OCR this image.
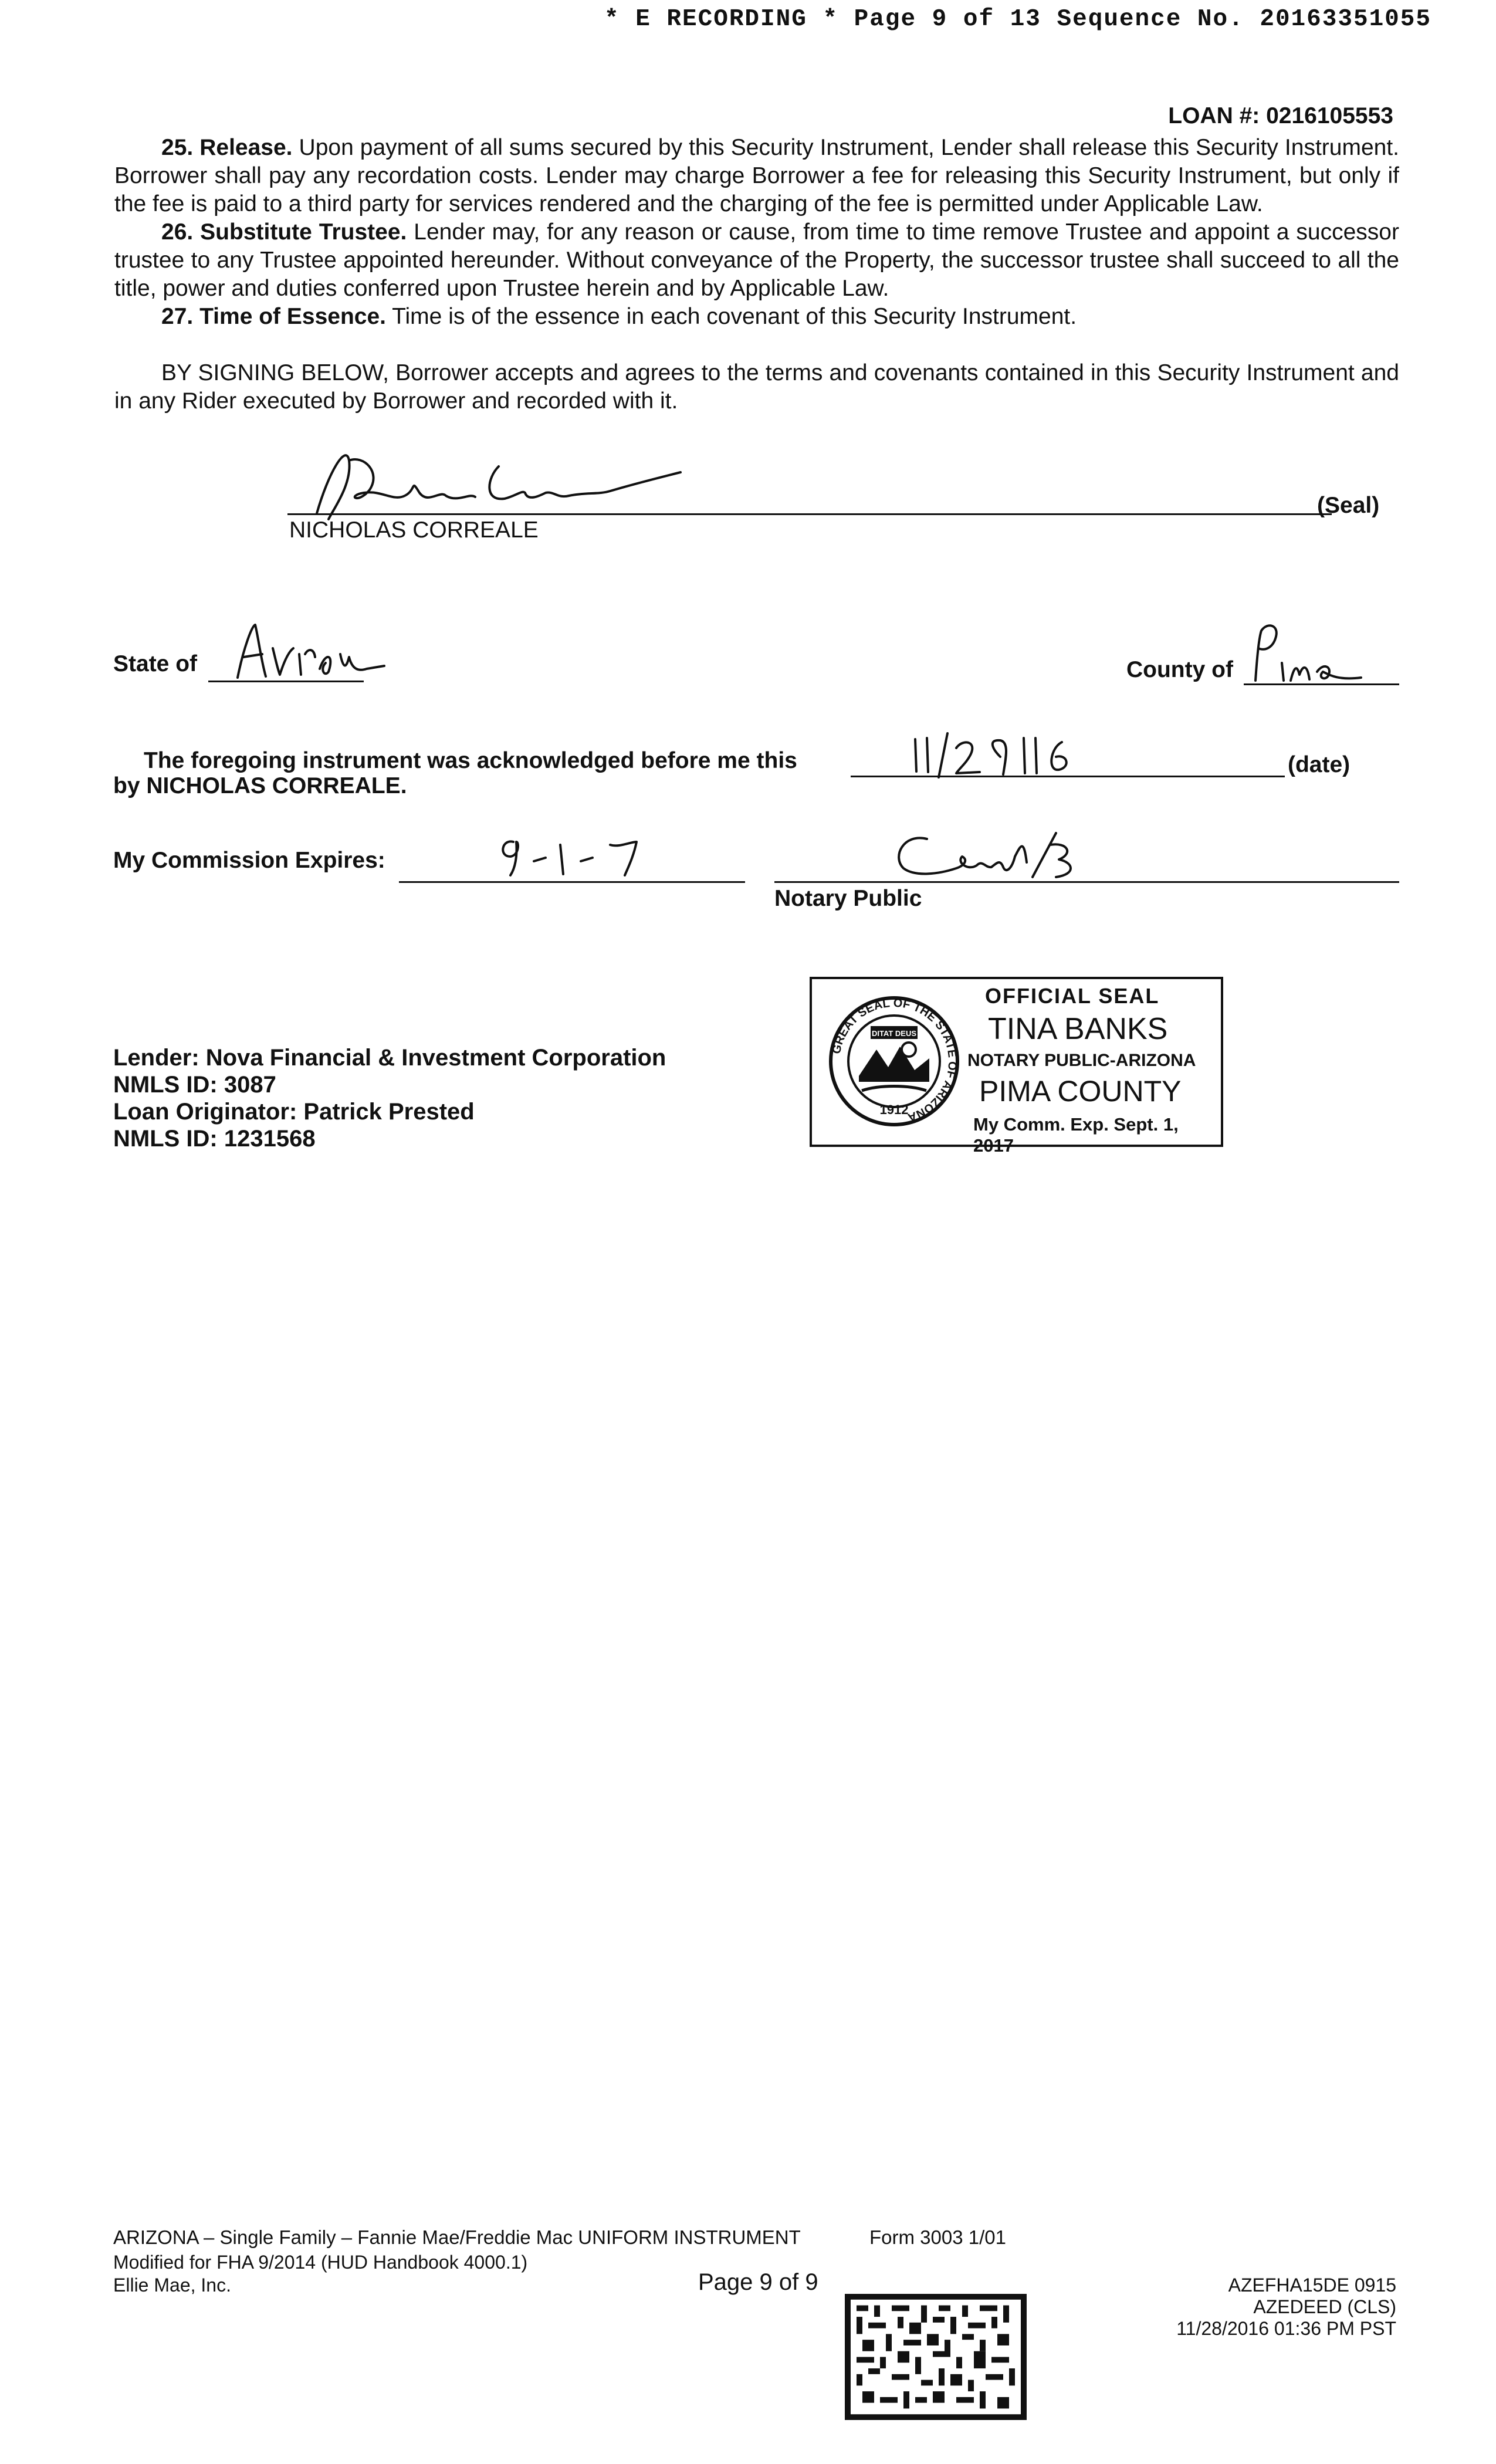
* E RECORDING * Page 9 of 13 Sequence No. 20163351055
LOAN #: 0216105553

25. Release. Upon payment of all sums secured by this Security Instrument, Lender shall release this Security Instrument. Borrower shall pay any recordation costs. Lender may charge Borrower a fee for releasing this Security Instrument, but only if the fee is paid to a third party for services rendered and the charging of the fee is permitted under Applicable Law.

26. Substitute Trustee. Lender may, for any reason or cause, from time to time remove Trustee and appoint a successor trustee to any Trustee appointed hereunder. Without conveyance of the Property, the successor trustee shall succeed to all the title, power and duties conferred upon Trustee herein and by Applicable Law.

27. Time of Essence. Time is of the essence in each covenant of this Security Instrument.

BY SIGNING BELOW, Borrower accepts and agrees to the terms and covenants contained in this Security Instrument and in any Rider executed by Borrower and recorded with it.

(Seal)
NICHOLAS CORREALE
State of	County of
The foregoing instrument was acknowledged before me this	(date)
by NICHOLAS CORREALE.
My Commission Expires:
Notary Public
GREAT SEAL OF THE STATE OF ARIZONA
DITAT DEUS
1912
OFFICIAL SEAL
TINA BANKS
NOTARY PUBLIC-ARIZONA
PIMA COUNTY
My Comm. Exp. Sept. 1, 2017
Lender: Nova Financial & Investment Corporation
NMLS ID: 3087
Loan Originator: Patrick Prested
NMLS ID: 1231568
ARIZONA – Single Family – Fannie Mae/Freddie Mac UNIFORM INSTRUMENT	Form 3003 1/01
Modified for FHA 9/2014 (HUD Handbook 4000.1)
Ellie Mae, Inc.	Page 9 of 9	AZEFHA15DE 0915
AZEDEED (CLS)
11/28/2016 01:36 PM PST
